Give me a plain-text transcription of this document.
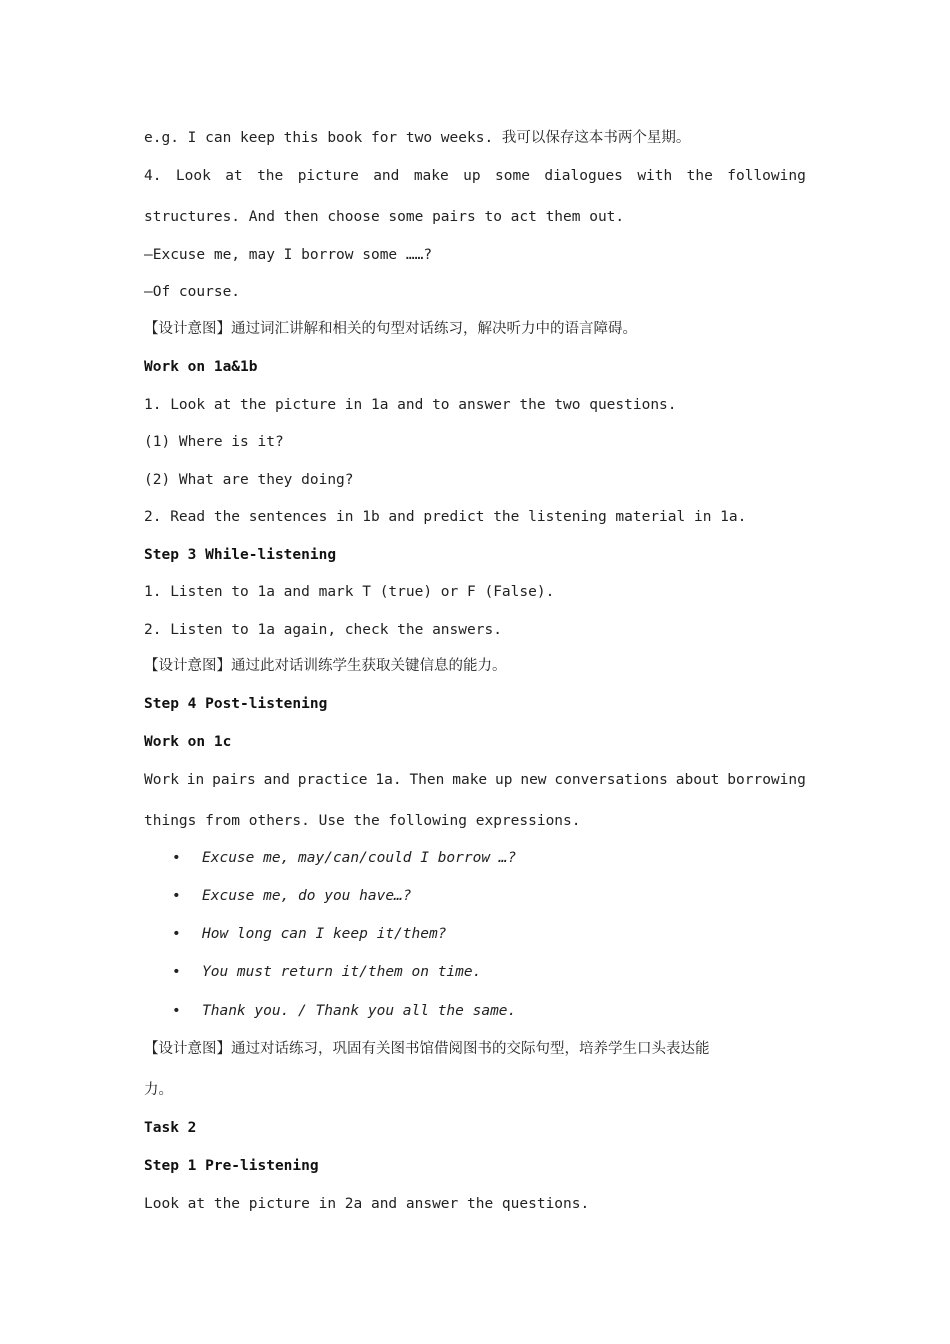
e.g. I can keep this book for two weeks. 我可以保存这本书两个星期。
4. Look at the picture and make up some dialogues with the following
structures. And then choose some pairs to act them out.
—Excuse me, may I borrow some ……?
—Of course.
【设计意图】通过词汇讲解和相关的句型对话练习，解决听力中的语言障碍。
Work on 1a&1b
1. Look at the picture in 1a and to answer the two questions.
(1) Where is it?
(2) What are they doing?
2. Read the sentences in 1b and predict the listening material in 1a.
Step 3 While-listening
1. Listen to 1a and mark T (true) or F (False).
2. Listen to 1a again, check the answers.
【设计意图】通过此对话训练学生获取关键信息的能力。
Step 4 Post-listening
Work on 1c
Work in pairs and practice 1a. Then make up new conversations about borrowing
things from others. Use the following expressions.
• Excuse me, may/can/could I borrow …?
• Excuse me, do you have…?
• How long can I keep it/them?
• You must return it/them on time.
• Thank you. / Thank you all the same.
【设计意图】通过对话练习，巩固有关图书馆借阅图书的交际句型，培养学生口头表达能
力。
Task 2
Step 1 Pre-listening
Look at the picture in 2a and answer the questions.
